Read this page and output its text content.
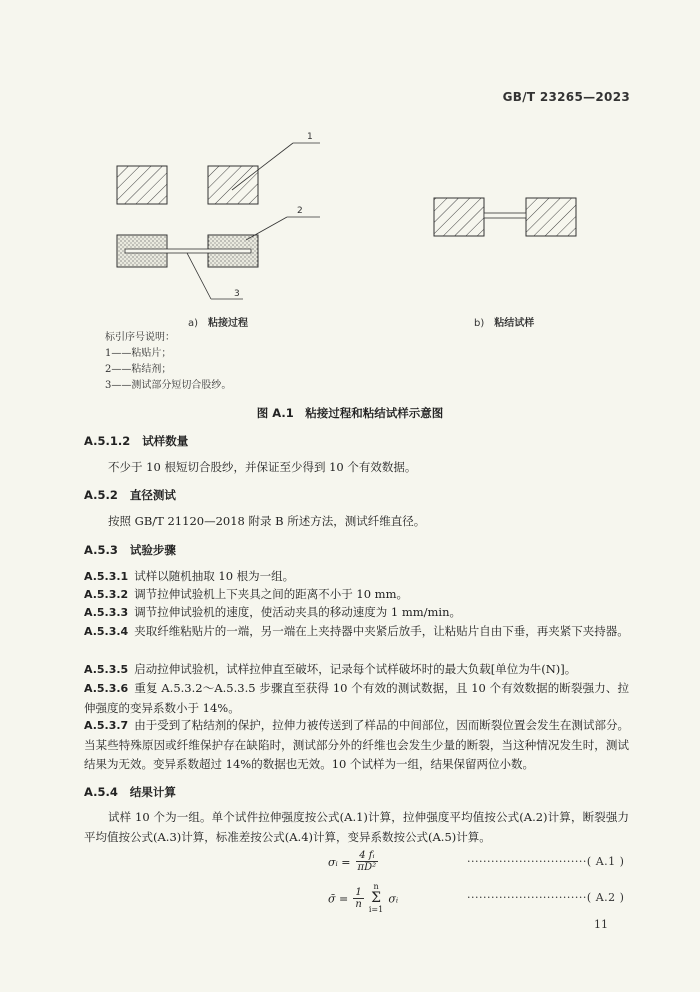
GB/T 23265—2023
1
2
3
a) 粘接过程	b) 粘结试样
标引序号说明：
1——粘贴片；
2——粘结剂；
3——测试部分短切合股纱。
图 A.1　粘接过程和粘结试样示意图
A.5.1.2 试样数量
不少于 10 根短切合股纱，并保证至少得到 10 个有效数据。
A.5.2 直径测试
按照 GB/T 21120—2018 附录 B 所述方法，测试纤维直径。
A.5.3 试验步骤
A.5.3.1 试样以随机抽取 10 根为一组。
A.5.3.2 调节拉伸试验机上下夹具之间的距离不小于 10 mm。
A.5.3.3 调节拉伸试验机的速度，使活动夹具的移动速度为 1 mm/min。
A.5.3.4 夹取纤维粘贴片的一端，另一端在上夹持器中夹紧后放手，让粘贴片自由下垂，再夹紧下夹持器。
A.5.3.5 启动拉伸试验机，试样拉伸直至破坏，记录每个试样破坏时的最大负载[单位为牛(N)]。
A.5.3.6 重复 A.5.3.2～A.5.3.5 步骤直至获得 10 个有效的测试数据，且 10 个有效数据的断裂强力、拉伸强度的变异系数小于 14%。
A.5.3.7 由于受到了粘结剂的保护，拉伸力被传送到了样品的中间部位，因而断裂位置会发生在测试部分。当某些特殊原因或纤维保护存在缺陷时，测试部分外的纤维也会发生少量的断裂，当这种情况发生时，测试结果为无效。变异系数超过 14%的数据也无效。10 个试样为一组，结果保留两位小数。
A.5.4 结果计算
试样 10 个为一组。单个试件拉伸强度按公式(A.1)计算，拉伸强度平均值按公式(A.2)计算，断裂强力平均值按公式(A.3)计算，标准差按公式(A.4)计算，变异系数按公式(A.5)计算。
σᵢ = $\frac{\text{4 fᵢ}}{\text{πD²}}$	······························( A.1 )
σ̄ = $\frac{1}{n}$
	n
Σ
i=1
σᵢ	······························( A.2 )
11
